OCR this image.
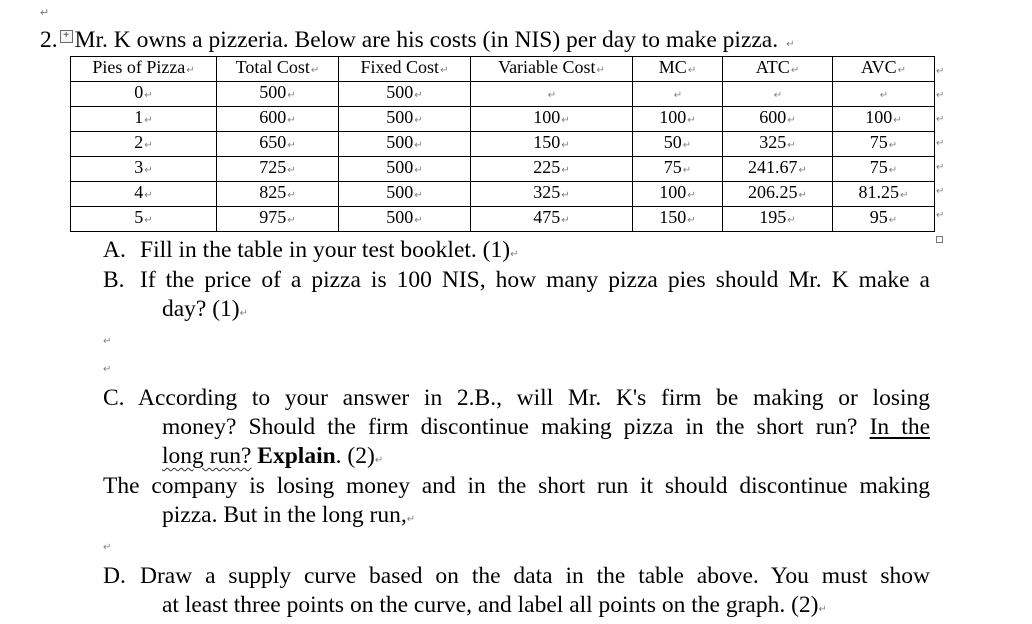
↵
2. + Mr. K owns a pizzeria. Below are his costs (in NIS) per day to make pizza. ↵
Pies of Pizza↵	Total Cost↵	Fixed Cost↵	Variable Cost↵	MC↵	ATC↵	AVC↵
0↵	500↵	500↵	↵	↵	↵	↵
1↵	600↵	500↵	100↵	100↵	600↵	100↵
2↵	650↵	500↵	150↵	50↵	325↵	75↵
3↵	725↵	500↵	225↵	75↵	241.67↵	75↵
4↵	825↵	500↵	325↵	100↵	206.25↵	81.25↵
5↵	975↵	500↵	475↵	150↵	195↵	95↵
↵
↵
↵
↵
↵
↵
↵
A. Fill in the table in your test booklet. (1)↵
B. If the price of a pizza is 100 NIS, how many pizza pies should Mr. K make a
day? (1)↵
↵
↵
C. According to your answer in 2.B., will Mr. K's firm be making or losing
money? Should the firm discontinue making pizza in the short run? In the
long run? Explain. (2)↵
The company is losing money and in the short run it should discontinue making
pizza. But in the long run,↵
↵
D. Draw a supply curve based on the data in the table above. You must show
at least three points on the curve, and label all points on the graph. (2)↵
